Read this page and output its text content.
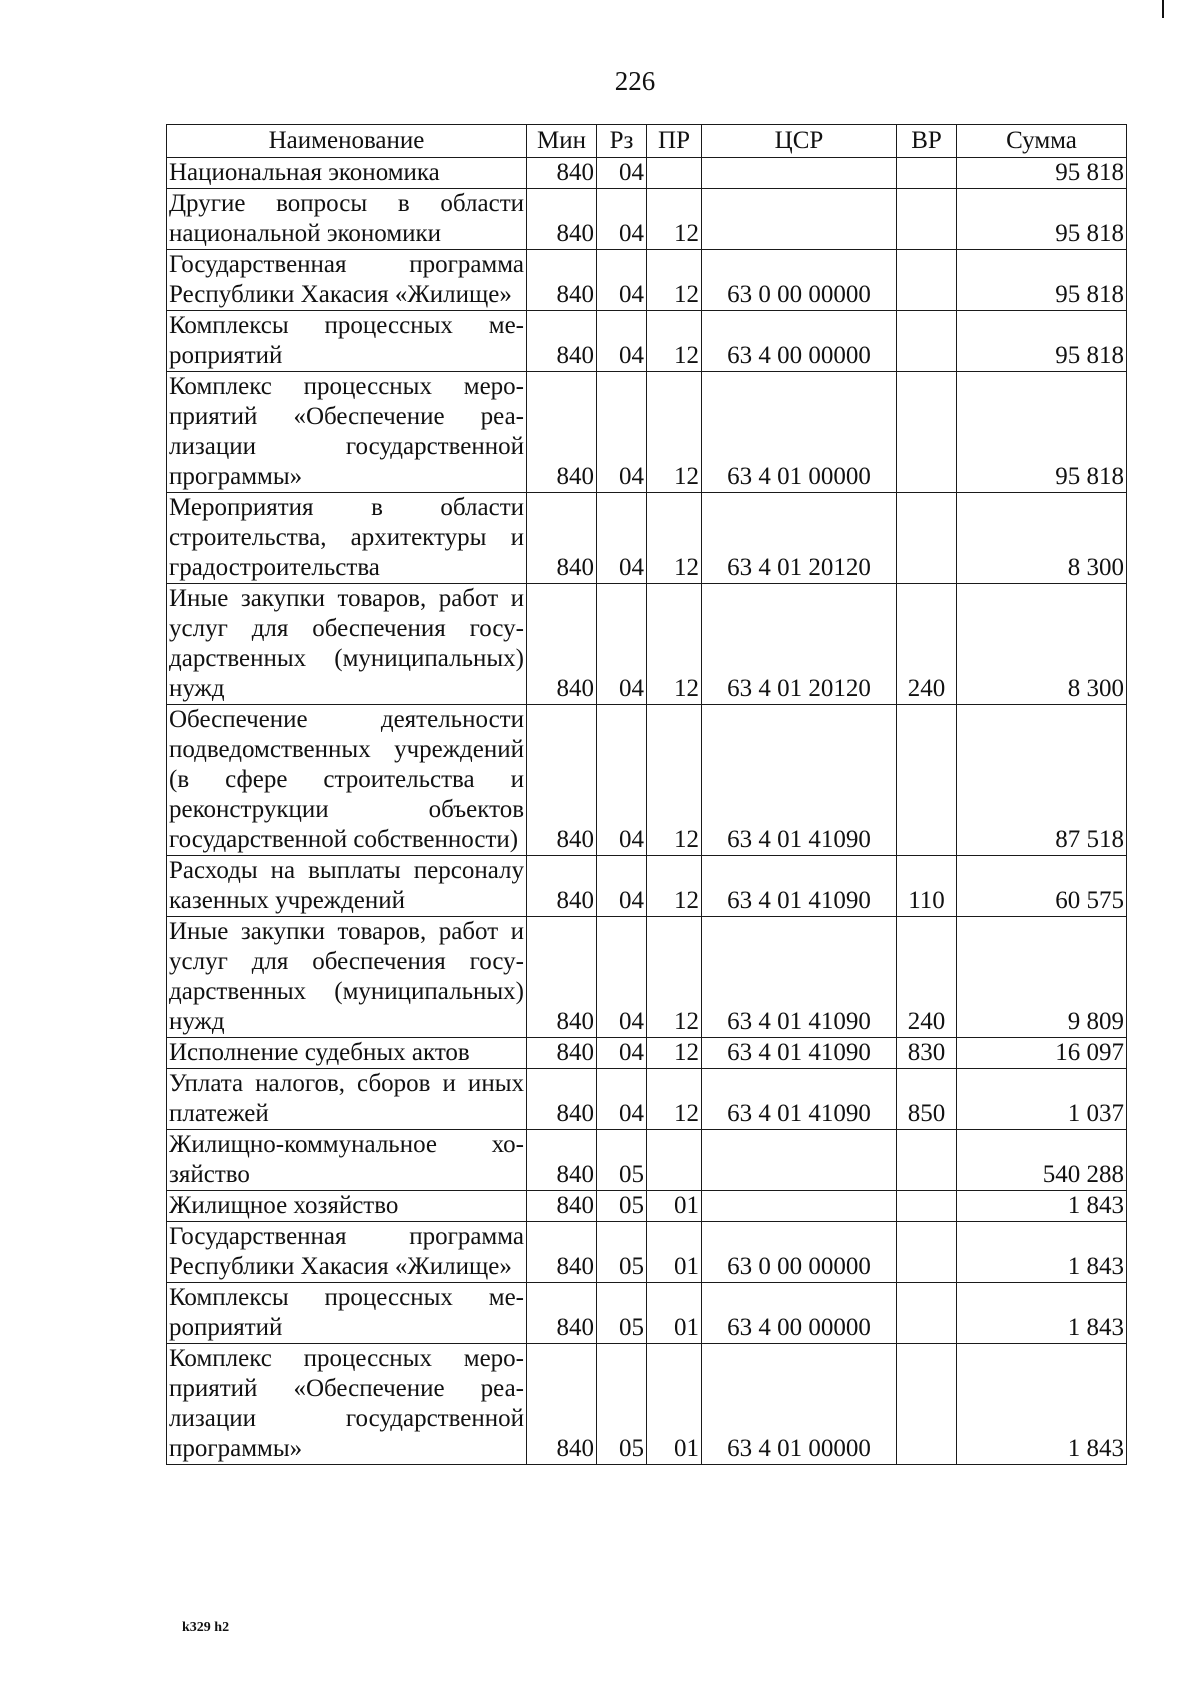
226
Наименование	Мин	Рз	ПР	ЦСР	ВР	Сумма
Национальная экономика	840	04				95 818
Другие вопросы в области национальной экономики	840	04	12			95 818
Государственная программа Республики Хакасия «Жилище»	840	04	12	63 0 00 00000		95 818
Комплексы процессных мероприятий	840	04	12	63 4 00 00000		95 818
Комплекс процессных мероприятий «Обеспечение реализации государственной программы»	840	04	12	63 4 01 00000		95 818
Мероприятия в области строительства, архитектуры и градостроительства	840	04	12	63 4 01 20120		8 300
Иные закупки товаров, работ и услуг для обеспечения государственных (муниципальных) нужд	840	04	12	63 4 01 20120	240	8 300
Обеспечение деятельности подведомственных учреждений (в сфере строительства и реконструкции объектов государственной собственности)	840	04	12	63 4 01 41090		87 518
Расходы на выплаты персоналу казенных учреждений	840	04	12	63 4 01 41090	110	60 575
Иные закупки товаров, работ и услуг для обеспечения государственных (муниципальных) нужд	840	04	12	63 4 01 41090	240	9 809
Исполнение судебных актов	840	04	12	63 4 01 41090	830	16 097
Уплата налогов, сборов и иных платежей	840	04	12	63 4 01 41090	850	1 037
Жилищно-коммунальное хозяйство	840	05				540 288
Жилищное хозяйство	840	05	01			1 843
Государственная программа Республики Хакасия «Жилище»	840	05	01	63 0 00 00000		1 843
Комплексы процессных мероприятий	840	05	01	63 4 00 00000		1 843
Комплекс процессных мероприятий «Обеспечение реализации государственной программы»	840	05	01	63 4 01 00000		1 843
k329 h2
